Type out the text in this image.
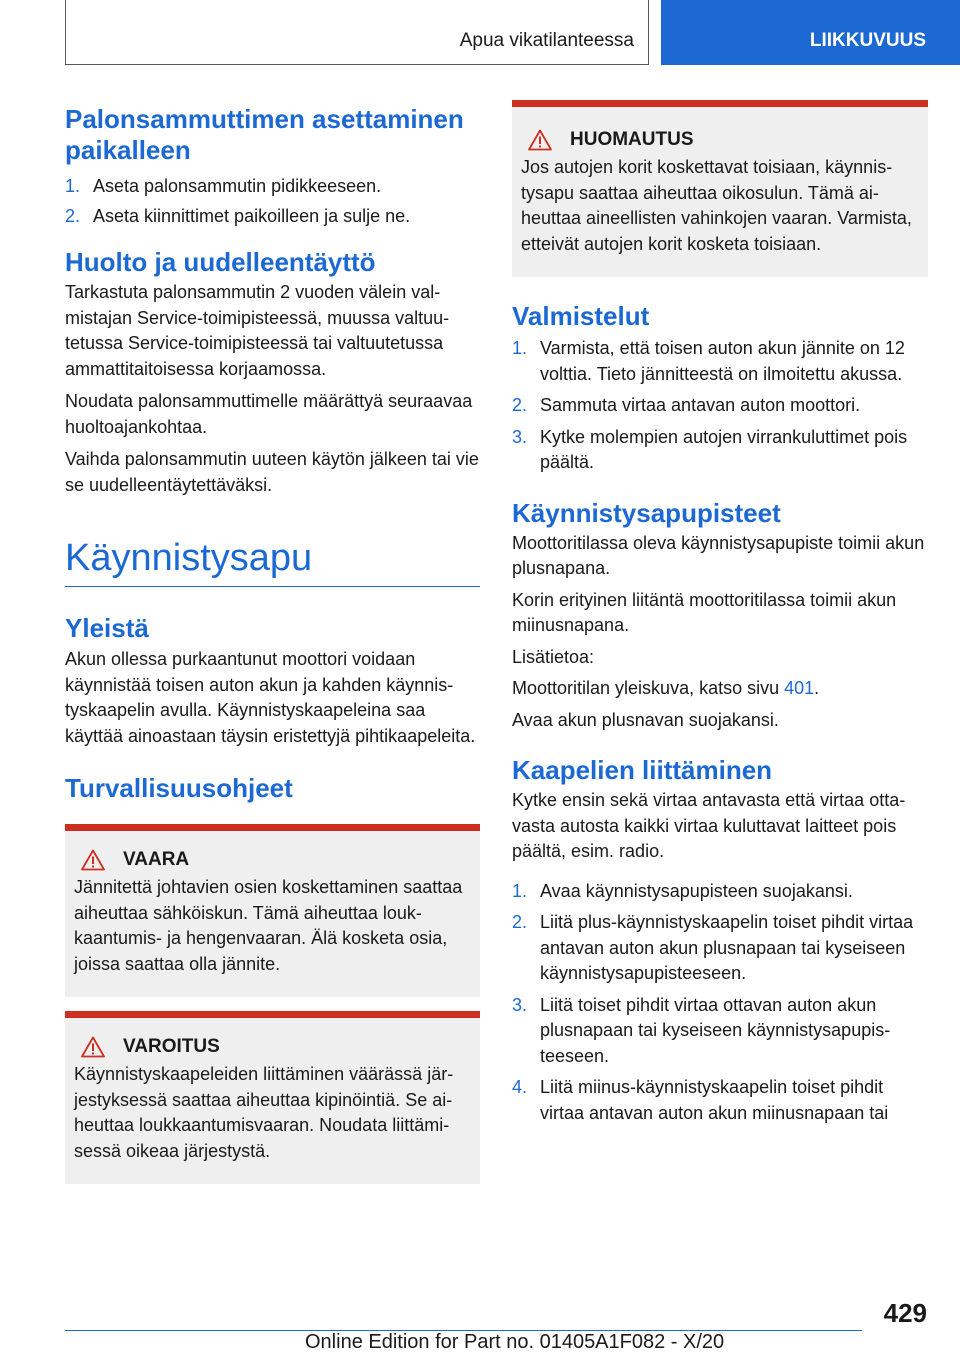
Apua vikatilanteessa	LIIKKUVUUS
Palonsammuttimen asettaminen paikalleen
1. Aseta palonsammutin pidikkeeseen.
2. Aseta kiinnittimet paikoilleen ja sulje ne.
Huolto ja uudelleentäyttö

Tarkastuta palonsammutin 2 vuoden välein valmistajan Service-toimipisteessä, muussa valtuutetussa Service-toimipisteessä tai valtuutetussa ammattitaitoisessa korjaamossa.

Noudata palonsammuttimelle määrättyä seuraavaa huoltoajankohtaa.

Vaihda palonsammutin uuteen käytön jälkeen tai vie se uudelleentäytettäväksi.

Käynnistysapu
Yleistä

Akun ollessa purkaantunut moottori voidaan käynnistää toisen auton akun ja kahden käynnistyskaapelin avulla. Käynnistyskaapeleina saa käyttää ainoastaan täysin eristettyjä pihtikaapeleita.

Turvallisuusohjeet
VAARA

Jännitettä johtavien osien koskettaminen saattaa aiheuttaa sähköiskun. Tämä aiheuttaa loukkaantumis- ja hengenvaaran. Älä kosketa osia, joissa saattaa olla jännite.

VAROITUS

Käynnistyskaapeleiden liittäminen väärässä järjestyksessä saattaa aiheuttaa kipinöintiä. Se aiheuttaa loukkaantumisvaaran. Noudata liittämisessä oikeaa järjestystä.

HUOMAUTUS

Jos autojen korit koskettavat toisiaan, käynnistysapu saattaa aiheuttaa oikosulun. Tämä aiheuttaa aineellisten vahinkojen vaaran. Varmista, etteivät autojen korit kosketa toisiaan.

Valmistelut
1. Varmista, että toisen auton akun jännite on 12 volttia. Tieto jännitteestä on ilmoitettu akussa.
2. Sammuta virtaa antavan auton moottori.
3. Kytke molempien autojen virrankuluttimet pois päältä.
Käynnistysapupisteet

Moottoritilassa oleva käynnistysapupiste toimii akun plusnapana.

Korin erityinen liitäntä moottoritilassa toimii akun miinusnapana.

Lisätietoa:

Moottoritilan yleiskuva, katso sivu 401.

Avaa akun plusnavan suojakansi.

Kaapelien liittäminen

Kytke ensin sekä virtaa antavasta että virtaa ottavasta autosta kaikki virtaa kuluttavat laitteet pois päältä, esim. radio.

1. Avaa käynnistysapupisteen suojakansi.
2. Liitä plus-käynnistyskaapelin toiset pihdit virtaa antavan auton akun plusnapaan tai kyseiseen käynnistysapupisteeseen.
3. Liitä toiset pihdit virtaa ottavan auton akun plusnapaan tai kyseiseen käynnistysapupisteeseen.
4. Liitä miinus-käynnistyskaapelin toiset pihdit virtaa antavan auton akun miinusnapaan tai
429
Online Edition for Part no. 01405A1F082 - X/20
